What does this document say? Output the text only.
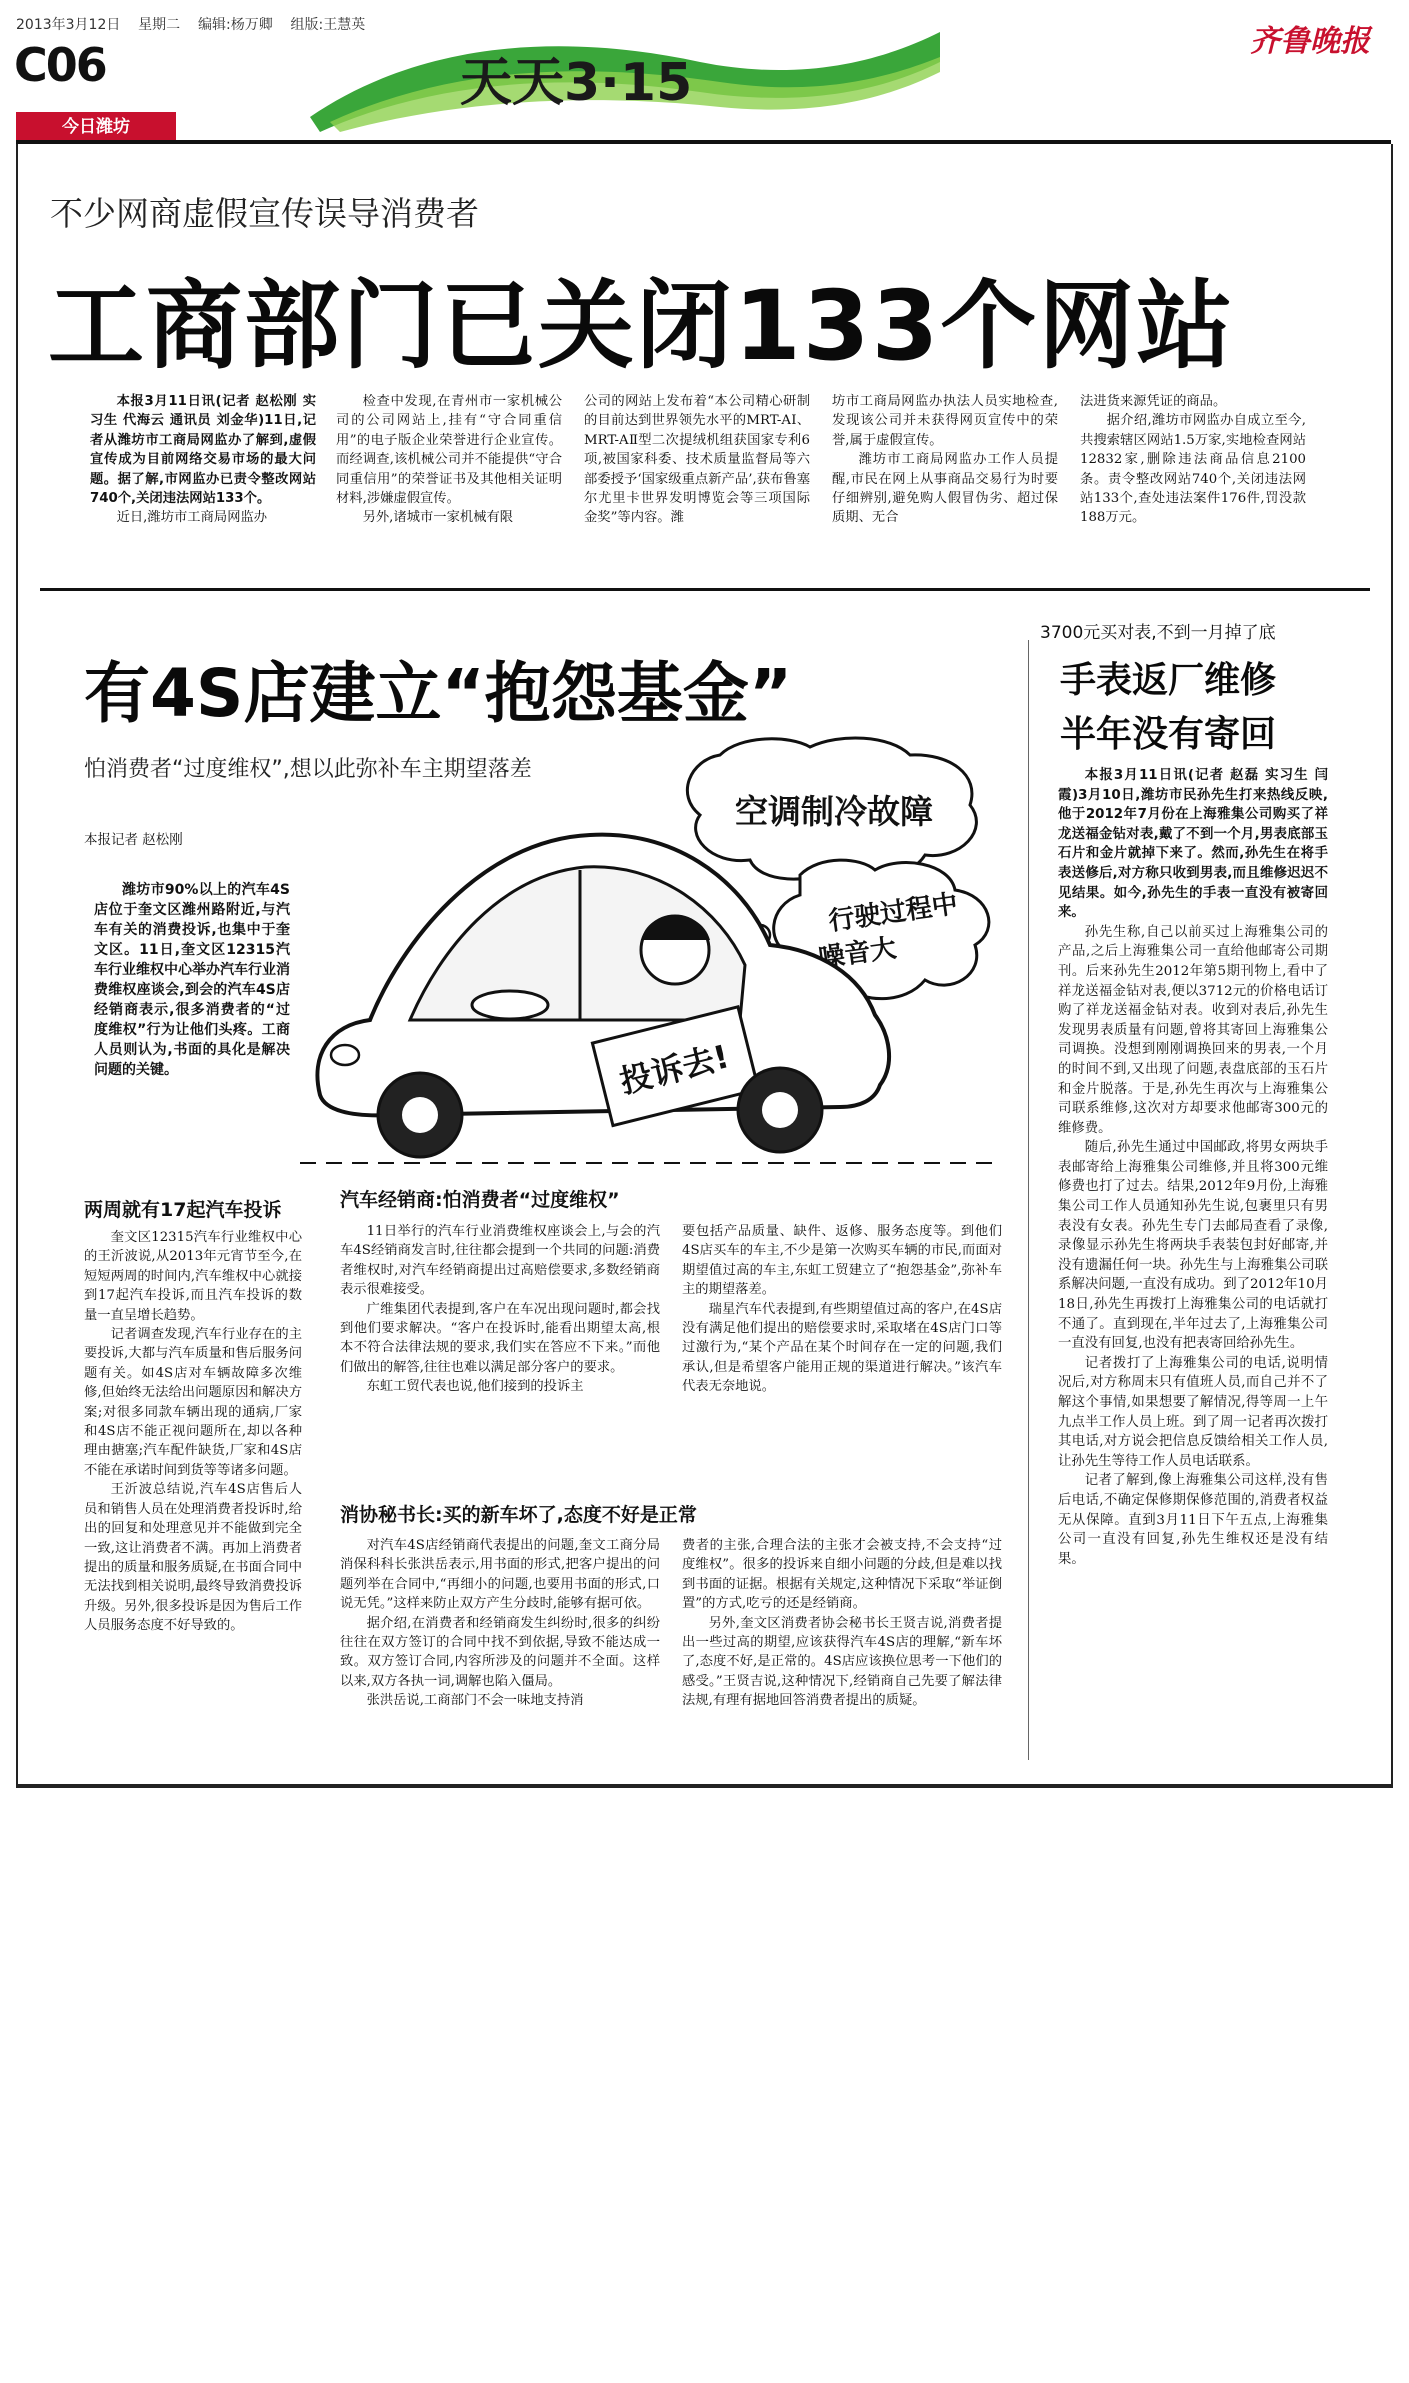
2013年3月12日 星期二 编辑:杨万卿 组版:王慧英
C06	天天3·15
齐鲁晚报
今日潍坊
不少网商虚假宣传误导消费者
工商部门已关闭133个网站

本报3月11日讯(记者 赵松刚 实习生 代海云 通讯员 刘金华)11日,记者从潍坊市工商局网监办了解到,虚假宣传成为目前网络交易市场的最大问题。据了解,市网监办已责令整改网站740个,关闭违法网站133个。

近日,潍坊市工商局网监办

检查中发现,在青州市一家机械公司的公司网站上,挂有“守合同重信用”的电子版企业荣誉进行企业宣传。而经调查,该机械公司并不能提供“守合同重信用”的荣誉证书及其他相关证明材料,涉嫌虚假宣传。

另外,诸城市一家机械有限

公司的网站上发布着“本公司精心研制的目前达到世界领先水平的MRT-AⅠ、MRT-AⅡ型二次提绒机组获国家专利6项,被国家科委、技术质量监督局等六部委授予‘国家级重点新产品’,获布鲁塞尔尤里卡世界发明博览会等三项国际金奖”等内容。潍

坊市工商局网监办执法人员实地检查,发现该公司并未获得网页宣传中的荣誉,属于虚假宣传。

潍坊市工商局网监办工作人员提醒,市民在网上从事商品交易行为时要仔细辨别,避免购人假冒伪劣、超过保质期、无合

法进货来源凭证的商品。

据介绍,潍坊市网监办自成立至今,共搜索辖区网站1.5万家,实地检查网站12832家,删除违法商品信息2100条。责令整改网站740个,关闭违法网站133个,查处违法案件176件,罚没款188万元。

有4S店建立“抱怨基金”
怕消费者“过度维权”,想以此弥补车主期望落差
本报记者 赵松刚
空调制冷故障
行驶过程中
噪音大
投诉去!
潍坊市90%以上的汽车4S店位于奎文区潍州路附近,与汽车有关的消费投诉,也集中于奎文区。11日,奎文区12315汽车行业维权中心举办汽车行业消费维权座谈会,到会的汽车4S店经销商表示,很多消费者的“过度维权”行为让他们头疼。工商人员则认为,书面的具化是解决问题的关键。
两周就有17起汽车投诉

奎文区12315汽车行业维权中心的王沂波说,从2013年元宵节至今,在短短两周的时间内,汽车维权中心就接到17起汽车投诉,而且汽车投诉的数量一直呈增长趋势。

记者调查发现,汽车行业存在的主要投诉,大都与汽车质量和售后服务问题有关。如4S店对车辆故障多次维修,但始终无法给出问题原因和解决方案;对很多同款车辆出现的通病,厂家和4S店不能正视问题所在,却以各种理由搪塞;汽车配件缺货,厂家和4S店不能在承诺时间到货等等诸多问题。

王沂波总结说,汽车4S店售后人员和销售人员在处理消费者投诉时,给出的回复和处理意见并不能做到完全一致,这让消费者不满。再加上消费者提出的质量和服务质疑,在书面合同中无法找到相关说明,最终导致消费投诉升级。另外,很多投诉是因为售后工作人员服务态度不好导致的。

汽车经销商:怕消费者“过度维权”

11日举行的汽车行业消费维权座谈会上,与会的汽车4S经销商发言时,往往都会提到一个共同的问题:消费者维权时,对汽车经销商提出过高赔偿要求,多数经销商表示很难接受。

广维集团代表提到,客户在车况出现问题时,都会找到他们要求解决。“客户在投诉时,能看出期望太高,根本不符合法律法规的要求,我们实在答应不下来。”而他们做出的解答,往往也难以满足部分客户的要求。

东虹工贸代表也说,他们接到的投诉主

要包括产品质量、缺件、返修、服务态度等。到他们4S店买车的车主,不少是第一次购买车辆的市民,而面对期望值过高的车主,东虹工贸建立了“抱怨基金”,弥补车主的期望落差。

瑞星汽车代表提到,有些期望值过高的客户,在4S店没有满足他们提出的赔偿要求时,采取堵在4S店门口等过激行为,“某个产品在某个时间存在一定的问题,我们承认,但是希望客户能用正规的渠道进行解决。”该汽车代表无奈地说。

消协秘书长:买的新车坏了,态度不好是正常

对汽车4S店经销商代表提出的问题,奎文工商分局消保科科长张洪岳表示,用书面的形式,把客户提出的问题列举在合同中,“再细小的问题,也要用书面的形式,口说无凭。”这样来防止双方产生分歧时,能够有据可依。

据介绍,在消费者和经销商发生纠纷时,很多的纠纷往往在双方签订的合同中找不到依据,导致不能达成一致。双方签订合同,内容所涉及的问题并不全面。这样以来,双方各执一词,调解也陷入僵局。

张洪岳说,工商部门不会一味地支持消

费者的主张,合理合法的主张才会被支持,不会支持“过度维权”。很多的投诉来自细小问题的分歧,但是难以找到书面的证据。根据有关规定,这种情况下采取“举证倒置”的方式,吃亏的还是经销商。

另外,奎文区消费者协会秘书长王贤吉说,消费者提出一些过高的期望,应该获得汽车4S店的理解,“新车坏了,态度不好,是正常的。4S店应该换位思考一下他们的感受。”王贤吉说,这种情况下,经销商自己先要了解法律法规,有理有据地回答消费者提出的质疑。

3700元买对表,不到一月掉了底
手表返厂维修
半年没有寄回

本报3月11日讯(记者 赵磊 实习生 闫霞)3月10日,潍坊市民孙先生打来热线反映,他于2012年7月份在上海雅集公司购买了祥龙送福金钻对表,戴了不到一个月,男表底部玉石片和金片就掉下来了。然而,孙先生在将手表送修后,对方称只收到男表,而且维修迟迟不见结果。如今,孙先生的手表一直没有被寄回来。

孙先生称,自己以前买过上海雅集公司的产品,之后上海雅集公司一直给他邮寄公司期刊。后来孙先生2012年第5期刊物上,看中了祥龙送福金钻对表,便以3712元的价格电话订购了祥龙送福金钻对表。收到对表后,孙先生发现男表质量有问题,曾将其寄回上海雅集公司调换。没想到刚刚调换回来的男表,一个月的时间不到,又出现了问题,表盘底部的玉石片和金片脱落。于是,孙先生再次与上海雅集公司联系维修,这次对方却要求他邮寄300元的维修费。

随后,孙先生通过中国邮政,将男女两块手表邮寄给上海雅集公司维修,并且将300元维修费也打了过去。结果,2012年9月份,上海雅集公司工作人员通知孙先生说,包裹里只有男表没有女表。孙先生专门去邮局查看了录像,录像显示孙先生将两块手表装包封好邮寄,并没有遗漏任何一块。孙先生与上海雅集公司联系解决问题,一直没有成功。到了2012年10月18日,孙先生再拨打上海雅集公司的电话就打不通了。直到现在,半年过去了,上海雅集公司一直没有回复,也没有把表寄回给孙先生。

记者拨打了上海雅集公司的电话,说明情况后,对方称周末只有值班人员,而自己并不了解这个事情,如果想要了解情况,得等周一上午九点半工作人员上班。到了周一记者再次拨打其电话,对方说会把信息反馈给相关工作人员,让孙先生等待工作人员电话联系。

记者了解到,像上海雅集公司这样,没有售后电话,不确定保修期保修范围的,消费者权益无从保障。直到3月11日下午五点,上海雅集公司一直没有回复,孙先生维权还是没有结果。
